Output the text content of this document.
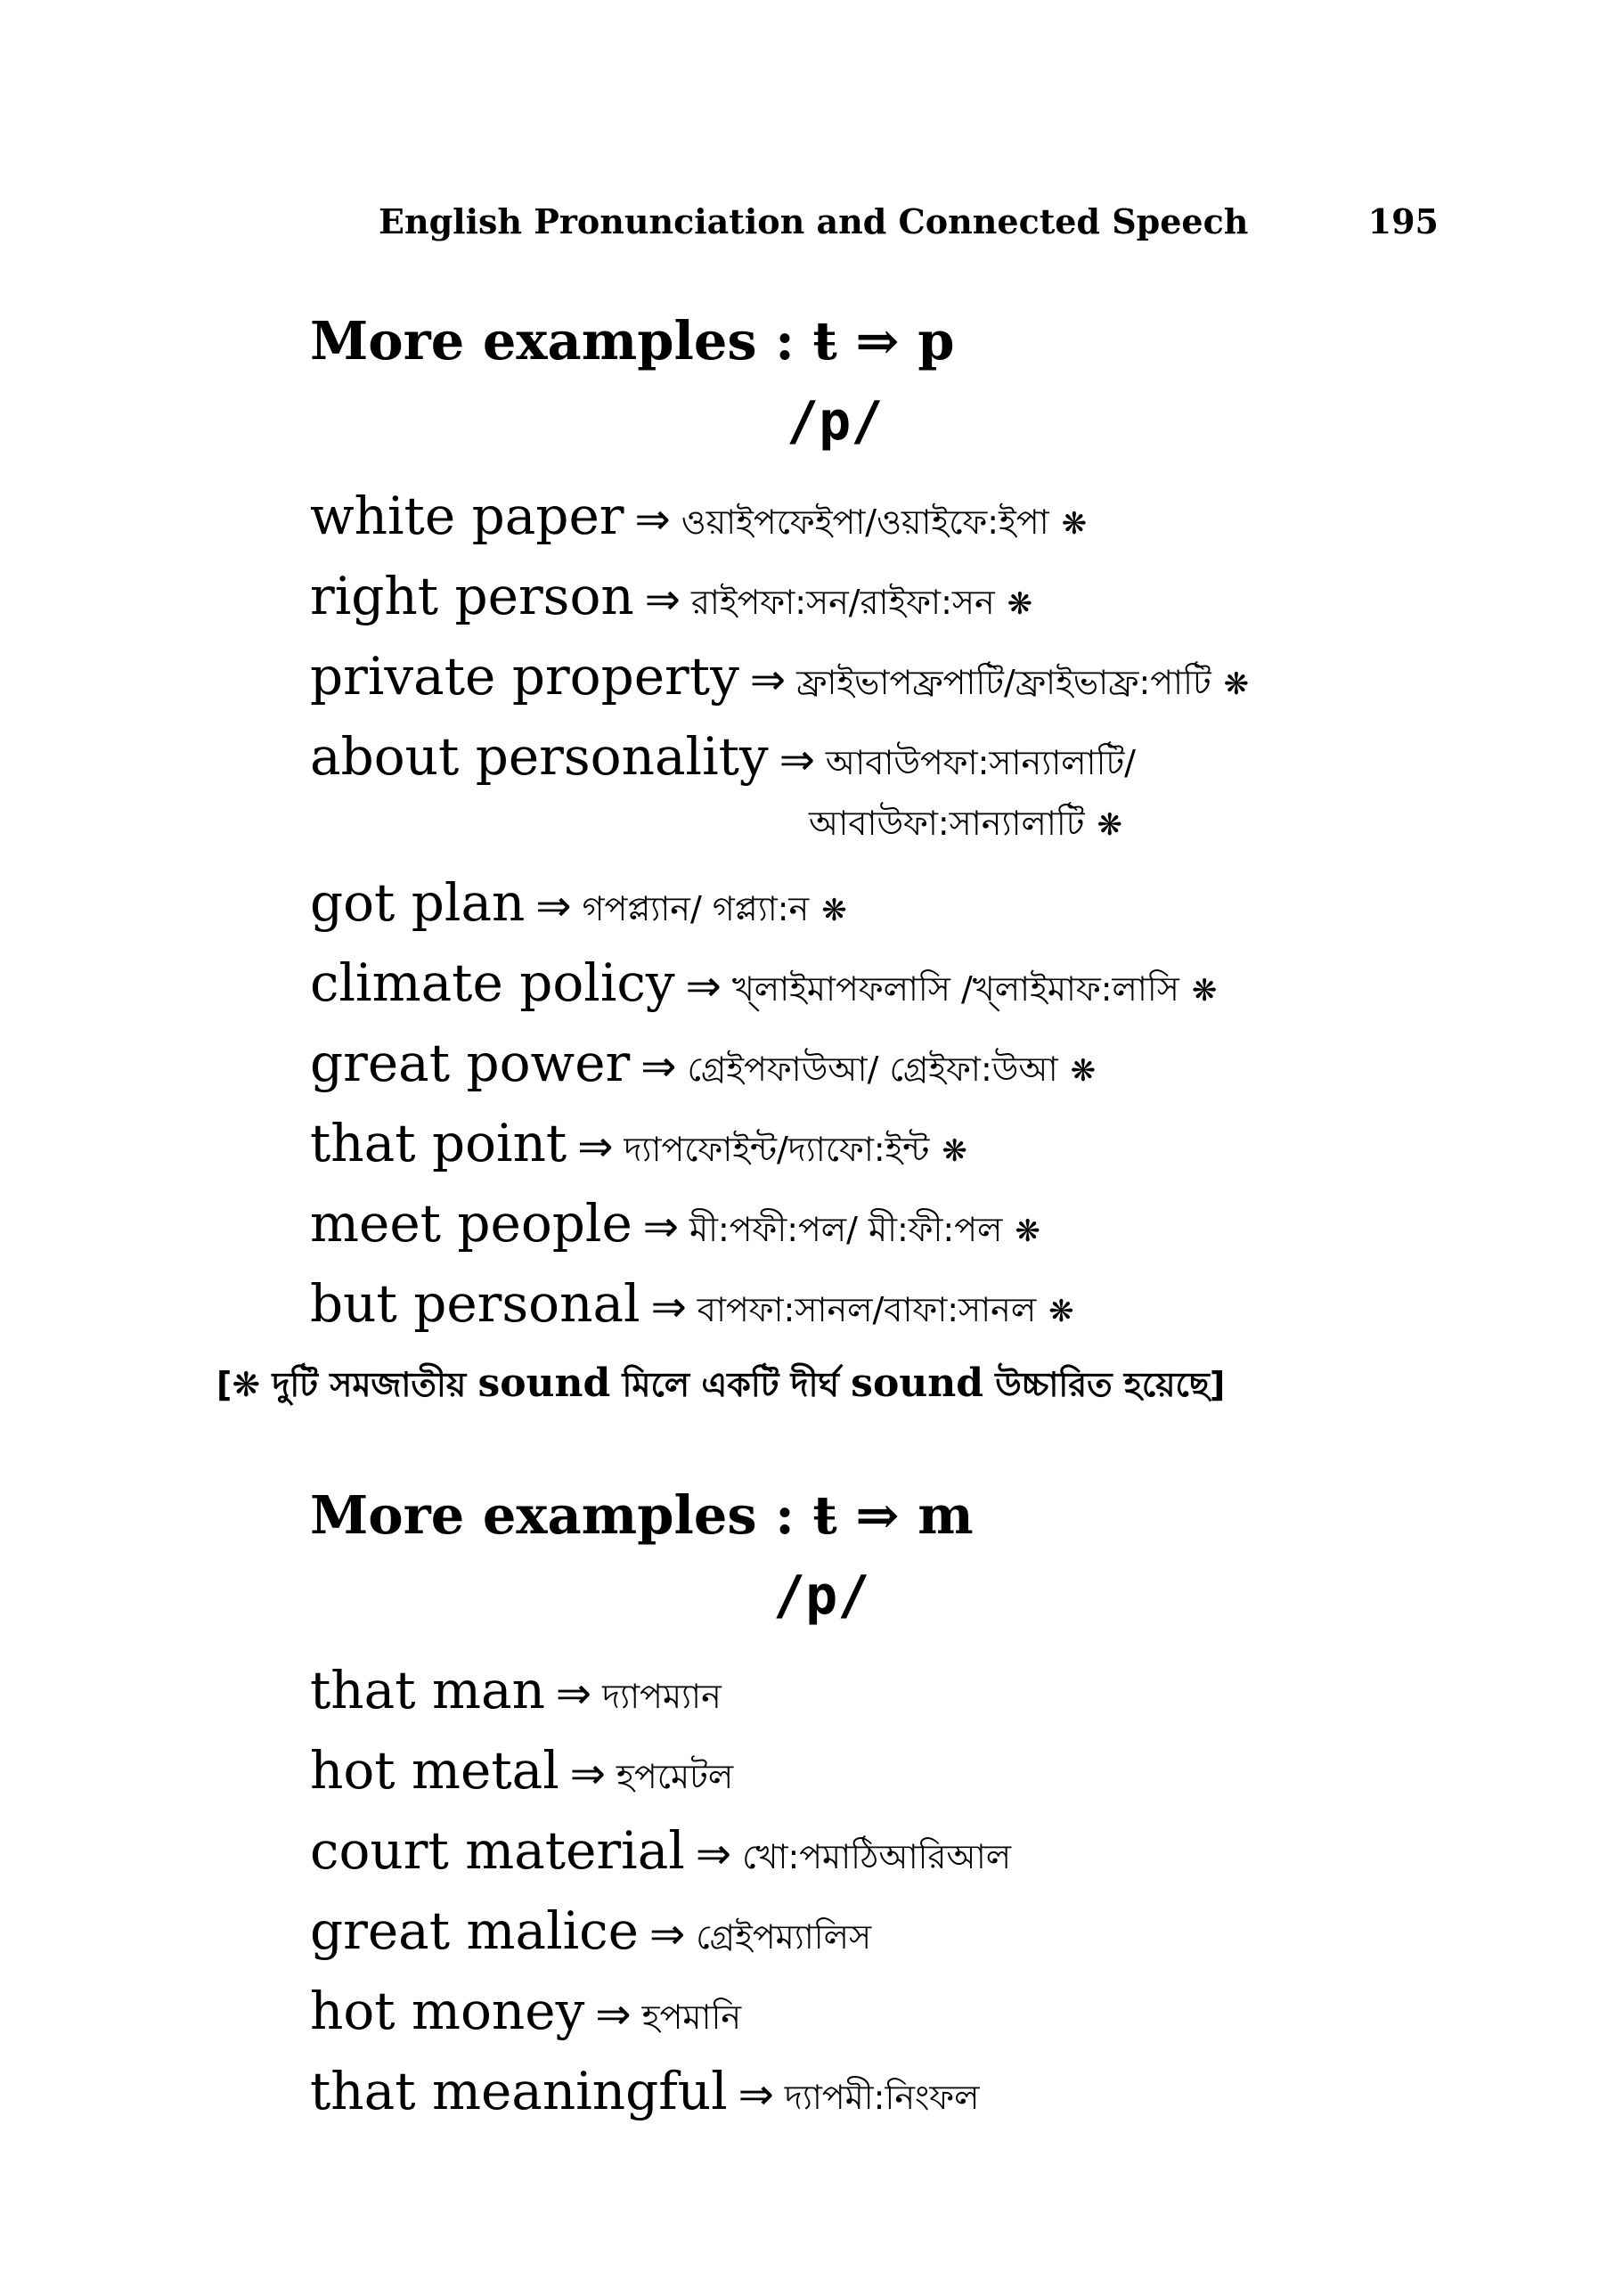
English Pronunciation and Connected Speech	195
More examples : ŧ ⇒ p
/p/
white paper ⇒ ওয়াইপফেইপা/ওয়াইফে:ইপা ❋
right person ⇒ রাইপফা:সন/রাইফা:সন ❋
private property ⇒ ফ্রাইভাপফ্রপাটি/ফ্রাইভাফ্র:পাটি ❋
about personality ⇒ আবাউপফা:সান্যালাটি/
আবাউফা:সান্যালাটি ❋
got plan ⇒ গপপ্ল্যান/ গপ্ল্যা:ন ❋
climate policy ⇒ খ্লাইমাপফলাসি /খ্লাইমাফ:লাসি ❋
great power ⇒ গ্রেইপফাউআ/ গ্রেইফা:উআ ❋
that point ⇒ দ্যাপফোইন্ট/দ্যাফো:ইন্ট ❋
meet people ⇒ মী:পফী:পল/ মী:ফী:পল ❋
but personal ⇒ বাপফা:সানল/বাফা:সানল ❋
[❋ দুটি সমজাতীয় sound মিলে একটি দীর্ঘ sound উচ্চারিত হয়েছে]
More examples : ŧ ⇒ m
/p/
that man ⇒ দ্যাপম্যান
hot metal ⇒ হপমেটল
court material ⇒ খো:পমাঠিআরিআল
great malice ⇒ গ্রেইপম্যালিস
hot money ⇒ হপমানি
that meaningful ⇒ দ্যাপমী:নিংফল
